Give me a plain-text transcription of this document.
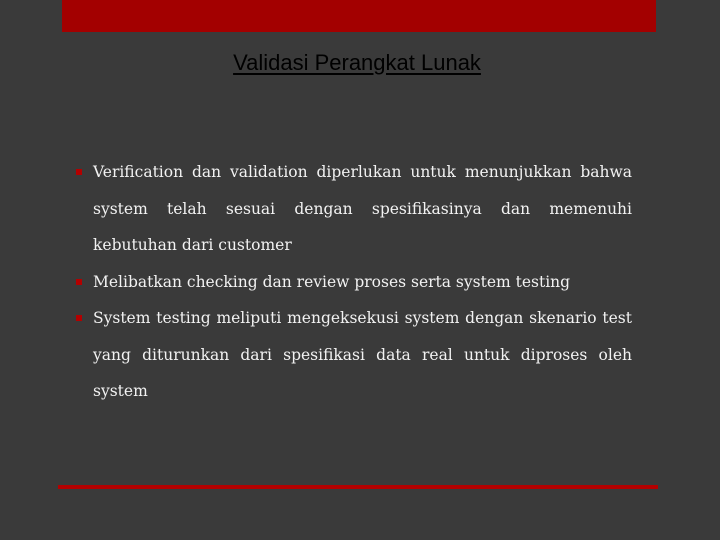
Validasi Perangkat Lunak
Verification dan validation diperlukan untuk menunjukkan bahwa system telah sesuai dengan spesifikasinya dan memenuhi kebutuhan dari customer
Melibatkan checking dan review proses serta system testing
System testing meliputi mengeksekusi system dengan skenario test yang diturunkan dari spesifikasi data real untuk diproses oleh system
